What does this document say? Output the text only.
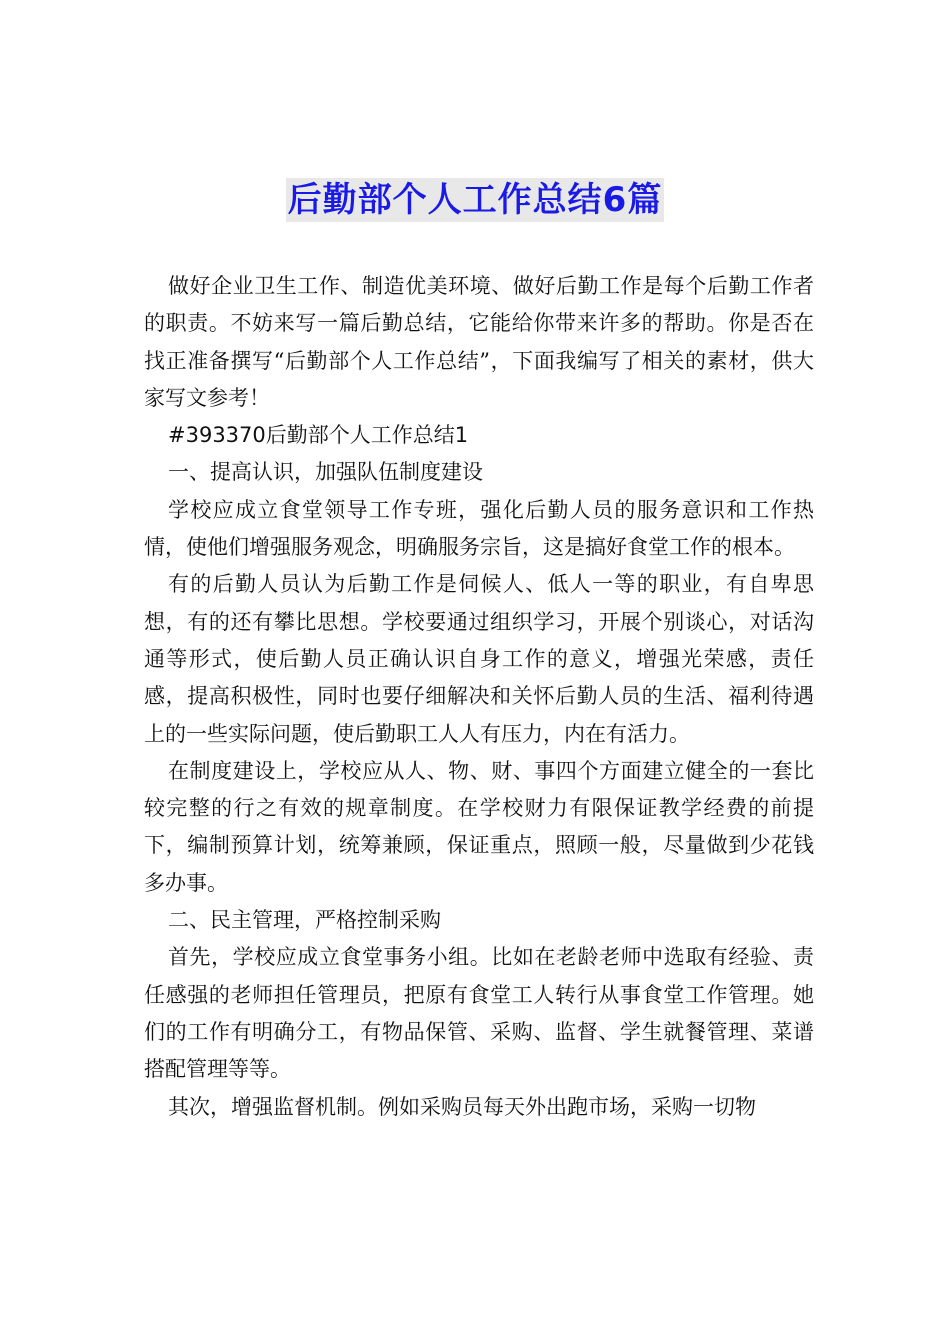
后勤部个人工作总结6篇

做好企业卫生工作、制造优美环境、做好后勤工作是每个后勤工作者的职责。不妨来写一篇后勤总结，它能给你带来许多的帮助。你是否在找正准备撰写“后勤部个人工作总结”，下面我编写了相关的素材，供大家写文参考！

#393370后勤部个人工作总结1

一、提高认识，加强队伍制度建设

学校应成立食堂领导工作专班，强化后勤人员的服务意识和工作热情，使他们增强服务观念，明确服务宗旨，这是搞好食堂工作的根本。

有的后勤人员认为后勤工作是伺候人、低人一等的职业，有自卑思想，有的还有攀比思想。学校要通过组织学习，开展个别谈心，对话沟通等形式，使后勤人员正确认识自身工作的意义，增强光荣感，责任感，提高积极性，同时也要仔细解决和关怀后勤人员的生活、福利待遇上的一些实际问题，使后勤职工人人有压力，内在有活力。

在制度建设上，学校应从人、物、财、事四个方面建立健全的一套比较完整的行之有效的规章制度。在学校财力有限保证教学经费的前提下，编制预算计划，统筹兼顾，保证重点，照顾一般，尽量做到少花钱多办事。

二、民主管理，严格控制采购

首先，学校应成立食堂事务小组。比如在老龄老师中选取有经验、责任感强的老师担任管理员，把原有食堂工人转行从事食堂工作管理。她们的工作有明确分工，有物品保管、采购、监督、学生就餐管理、菜谱搭配管理等等。

其次，增强监督机制。例如采购员每天外出跑市场，采购一切物
